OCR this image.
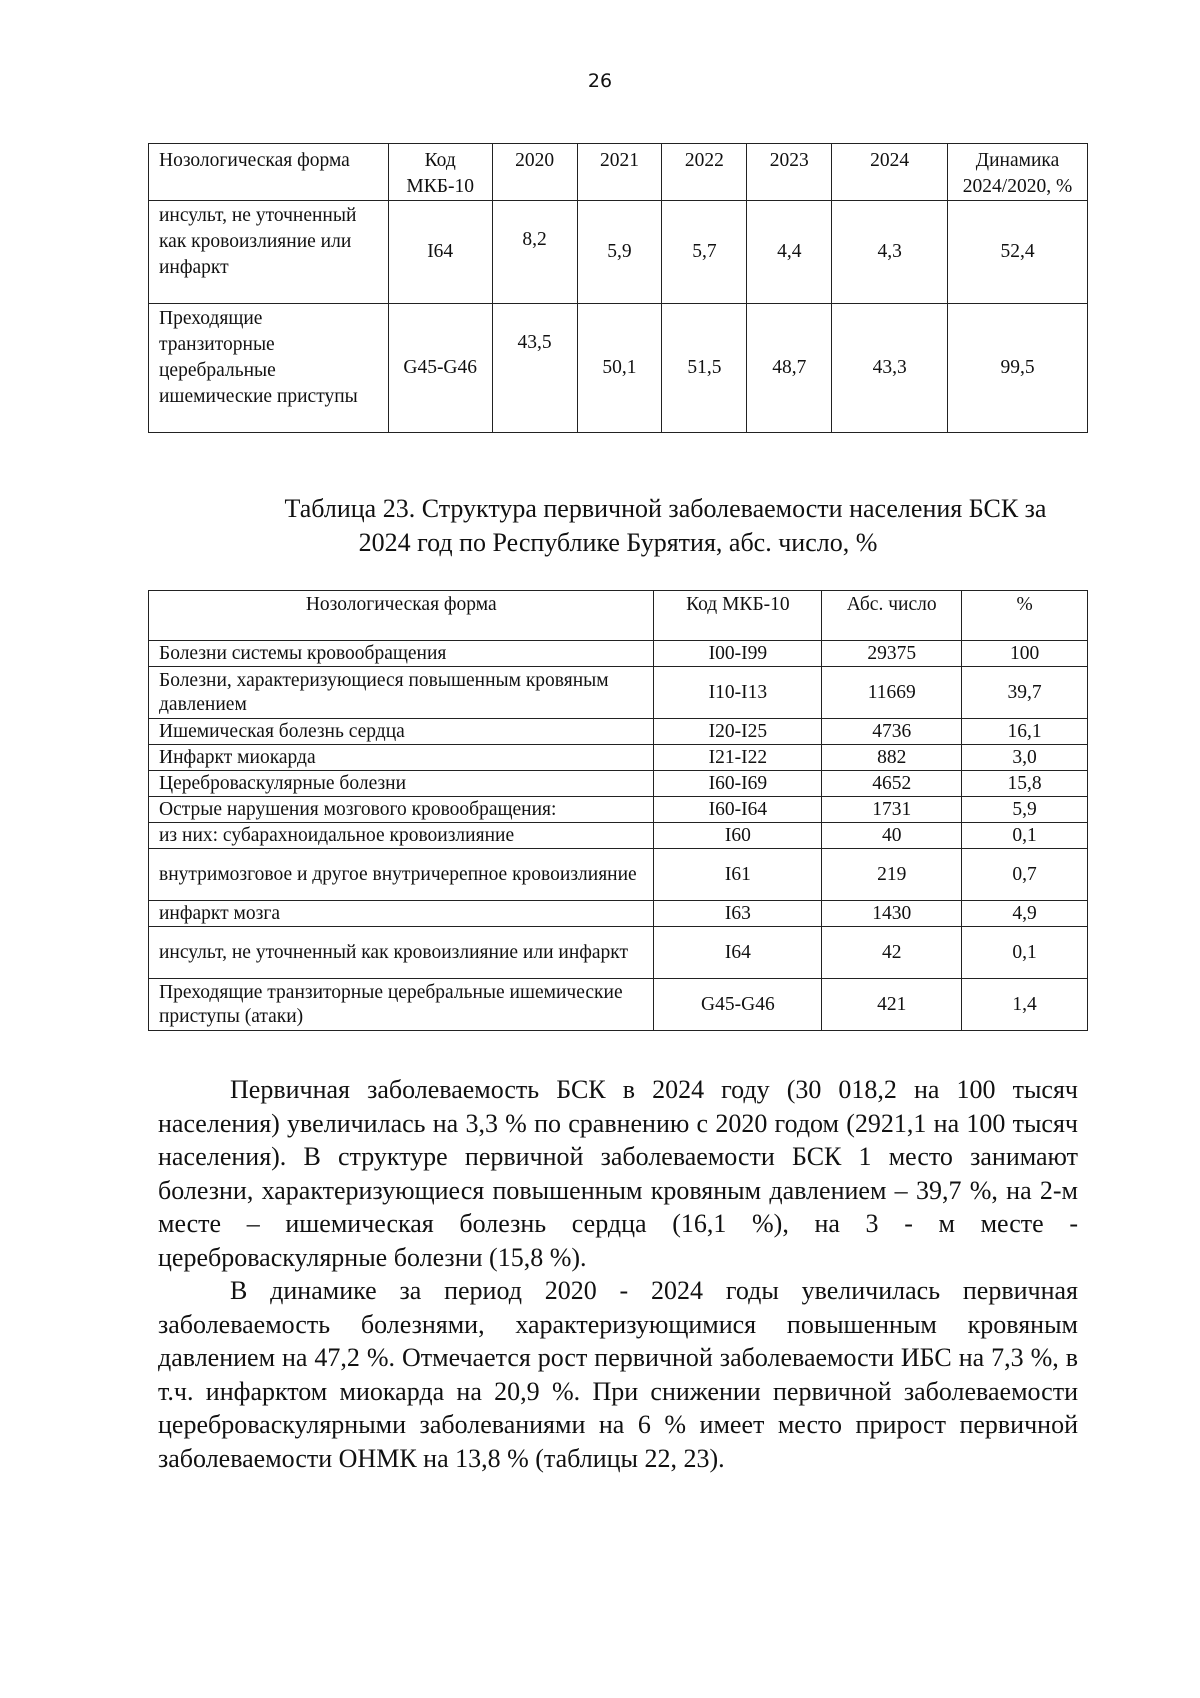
26
Нозологическая форма	Код МКБ-10	2020	2021	2022	2023	2024	Динамика 2024/2020, %
инсульт, не уточненный как кровоизлияние или инфаркт	I64	8,2	5,9	5,7	4,4	4,3	52,4
Преходящие транзиторные церебральные ишемические приступы	G45-G46	43,5	50,1	51,5	48,7	43,3	99,5
Таблица 23. Структура первичной заболеваемости населения БСК за
2024 год по Республике Бурятия, абс. число, %
Нозологическая форма	Код МКБ-10	Абс. число	%
Болезни системы кровообращения	I00-I99	29375	100
Болезни, характеризующиеся повышенным кровяным давлением	I10-I13	11669	39,7
Ишемическая болезнь сердца	I20-I25	4736	16,1
Инфаркт миокарда	I21-I22	882	3,0
Цереброваскулярные болезни	I60-I69	4652	15,8
Острые нарушения мозгового кровообращения:	I60-I64	1731	5,9
из них: субарахноидальное кровоизлияние	I60	40	0,1
внутримозговое и другое внутричерепное кровоизлияние	I61	219	0,7
инфаркт мозга	I63	1430	4,9
инсульт, не уточненный как кровоизлияние или инфаркт	I64	42	0,1
Преходящие транзиторные церебральные ишемические приступы (атаки)	G45-G46	421	1,4

Первичная заболеваемость БСК в 2024 году (30 018,2 на 100 тысяч населения) увеличилась на 3,3 % по сравнению с 2020 годом (2921,1 на 100 тысяч населения). В структуре первичной заболеваемости БСК 1 место занимают болезни, характеризующиеся повышенным кровяным давлением – 39,7 %, на 2-м месте – ишемическая болезнь сердца (16,1 %), на 3 - м месте - цереброваскулярные болезни (15,8 %).

В динамике за период 2020 - 2024 годы увеличилась первичная заболеваемость болезнями, характеризующимися повышенным кровяным давлением на 47,2 %. Отмечается рост первичной заболеваемости ИБС на 7,3 %, в т.ч. инфарктом миокарда на 20,9 %. При снижении первичной заболеваемости цереброваскулярными заболеваниями на 6 % имеет место прирост первичной заболеваемости ОНМК на 13,8 % (таблицы 22, 23).
